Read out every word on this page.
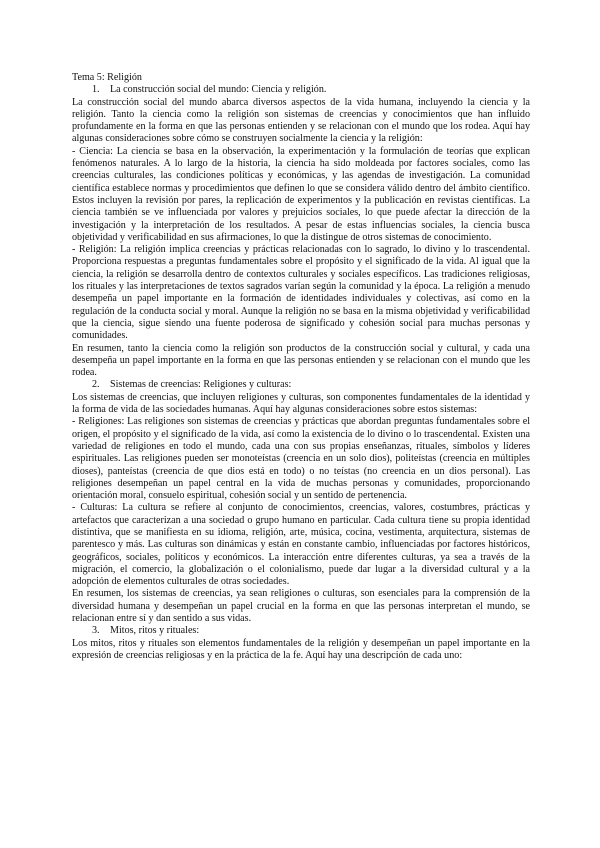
Tema 5: Religión

1.	La construcción social del mundo: Ciencia y religión.

La construcción social del mundo abarca diversos aspectos de la vida humana, incluyendo la ciencia y la religión. Tanto la ciencia como la religión son sistemas de creencias y conocimientos que han influido profundamente en la forma en que las personas entienden y se relacionan con el mundo que los rodea. Aquí hay algunas consideraciones sobre cómo se construyen socialmente la ciencia y la religión:

- Ciencia: La ciencia se basa en la observación, la experimentación y la formulación de teorías que explican fenómenos naturales. A lo largo de la historia, la ciencia ha sido moldeada por factores sociales, como las creencias culturales, las condiciones políticas y económicas, y las agendas de investigación. La comunidad científica establece normas y procedimientos que definen lo que se considera válido dentro del ámbito científico. Estos incluyen la revisión por pares, la replicación de experimentos y la publicación en revistas científicas. La ciencia también se ve influenciada por valores y prejuicios sociales, lo que puede afectar la dirección de la investigación y la interpretación de los resultados. A pesar de estas influencias sociales, la ciencia busca objetividad y verificabilidad en sus afirmaciones, lo que la distingue de otros sistemas de conocimiento.

- Religión: La religión implica creencias y prácticas relacionadas con lo sagrado, lo divino y lo trascendental. Proporciona respuestas a preguntas fundamentales sobre el propósito y el significado de la vida. Al igual que la ciencia, la religión se desarrolla dentro de contextos culturales y sociales específicos. Las tradiciones religiosas, los rituales y las interpretaciones de textos sagrados varían según la comunidad y la época. La religión a menudo desempeña un papel importante en la formación de identidades individuales y colectivas, así como en la regulación de la conducta social y moral. Aunque la religión no se basa en la misma objetividad y verificabilidad que la ciencia, sigue siendo una fuente poderosa de significado y cohesión social para muchas personas y comunidades.

En resumen, tanto la ciencia como la religión son productos de la construcción social y cultural, y cada una desempeña un papel importante en la forma en que las personas entienden y se relacionan con el mundo que les rodea.

2.	Sistemas de creencias: Religiones y culturas:

Los sistemas de creencias, que incluyen religiones y culturas, son componentes fundamentales de la identidad y la forma de vida de las sociedades humanas. Aquí hay algunas consideraciones sobre estos sistemas:

- Religiones: Las religiones son sistemas de creencias y prácticas que abordan preguntas fundamentales sobre el origen, el propósito y el significado de la vida, así como la existencia de lo divino o lo trascendental. Existen una variedad de religiones en todo el mundo, cada una con sus propias enseñanzas, rituales, símbolos y líderes espirituales. Las religiones pueden ser monoteístas (creencia en un solo dios), politeístas (creencia en múltiples dioses), panteístas (creencia de que dios está en todo) o no teístas (no creencia en un dios personal). Las religiones desempeñan un papel central en la vida de muchas personas y comunidades, proporcionando orientación moral, consuelo espiritual, cohesión social y un sentido de pertenencia.

- Culturas: La cultura se refiere al conjunto de conocimientos, creencias, valores, costumbres, prácticas y artefactos que caracterizan a una sociedad o grupo humano en particular. Cada cultura tiene su propia identidad distintiva, que se manifiesta en su idioma, religión, arte, música, cocina, vestimenta, arquitectura, sistemas de parentesco y más. Las culturas son dinámicas y están en constante cambio, influenciadas por factores históricos, geográficos, sociales, políticos y económicos. La interacción entre diferentes culturas, ya sea a través de la migración, el comercio, la globalización o el colonialismo, puede dar lugar a la diversidad cultural y a la adopción de elementos culturales de otras sociedades.

En resumen, los sistemas de creencias, ya sean religiones o culturas, son esenciales para la comprensión de la diversidad humana y desempeñan un papel crucial en la forma en que las personas interpretan el mundo, se relacionan entre sí y dan sentido a sus vidas.

3.	Mitos, ritos y rituales:

Los mitos, ritos y rituales son elementos fundamentales de la religión y desempeñan un papel importante en la expresión de creencias religiosas y en la práctica de la fe. Aquí hay una descripción de cada uno:
